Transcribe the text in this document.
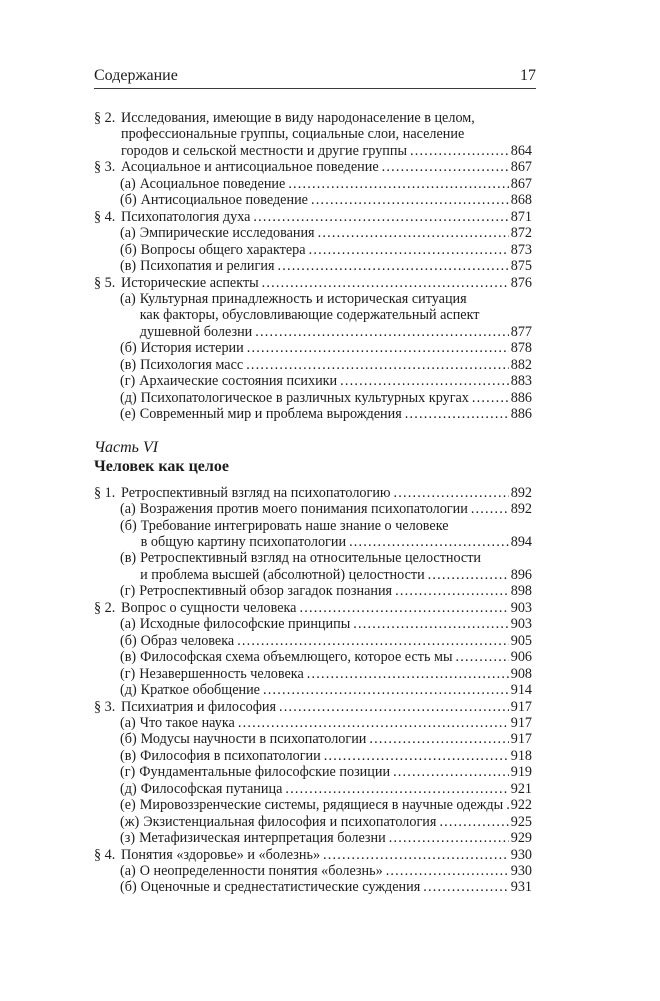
Содержание	17
§ 2. Исследования, имеющие в виду народонаселение в целом,
профессиональные группы, социальные слои, население
городов и сельской местности и другие группы .....	864
§ 3. Асоциальное и антисоциальное поведение .....	867
(а) Асоциальное поведение .....	867
(б) Антисоциальное поведение .....	868
§ 4. Психопатология духа .....	871
(а) Эмпирические исследования .....	872
(б) Вопросы общего характера .....	873
(в) Психопатия и религия .....	875
§ 5. Исторические аспекты .....	876
(а) Культурная принадлежность и историческая ситуация
как факторы, обусловливающие содержательный аспект
душевной болезни .....	877
(б) История истерии .....	878
(в) Психология масс .....	882
(г) Архаические состояния психики .....	883
(д) Психопатологическое в различных культурных кругах .....	886
(е) Современный мир и проблема вырождения .....	886
Часть VI
Человек как целое
§ 1. Ретроспективный взгляд на психопатологию .....	892
(а) Возражения против моего понимания психопатологии .....	892
(б) Требование интегрировать наше знание о человеке
в общую картину психопатологии .....	894
(в) Ретроспективный взгляд на относительные целостности
и проблема высшей (абсолютной) целостности .....	896
(г) Ретроспективный обзор загадок познания .....	898
§ 2. Вопрос о сущности человека .....	903
(а) Исходные философские принципы .....	903
(б) Образ человека .....	905
(в) Философская схема объемлющего, которое есть мы .....	906
(г) Незавершенность человека .....	908
(д) Краткое обобщение .....	914
§ 3. Психиатрия и философия .....	917
(а) Что такое наука .....	917
(б) Модусы научности в психопатологии .....	917
(в) Философия в психопатологии .....	918
(г) Фундаментальные философские позиции .....	919
(д) Философская путаница .....	921
(е) Мировоззренческие системы, рядящиеся в научные одежды ..... 922
(ж) Экзистенциальная философия и психопатология .....	925
(з) Метафизическая интерпретация болезни .....	929
§ 4. Понятия «здоровье» и «болезнь» .....	930
(а) О неопределенности понятия «болезнь» .....	930
(б) Оценочные и среднестатистические суждения .....	931
